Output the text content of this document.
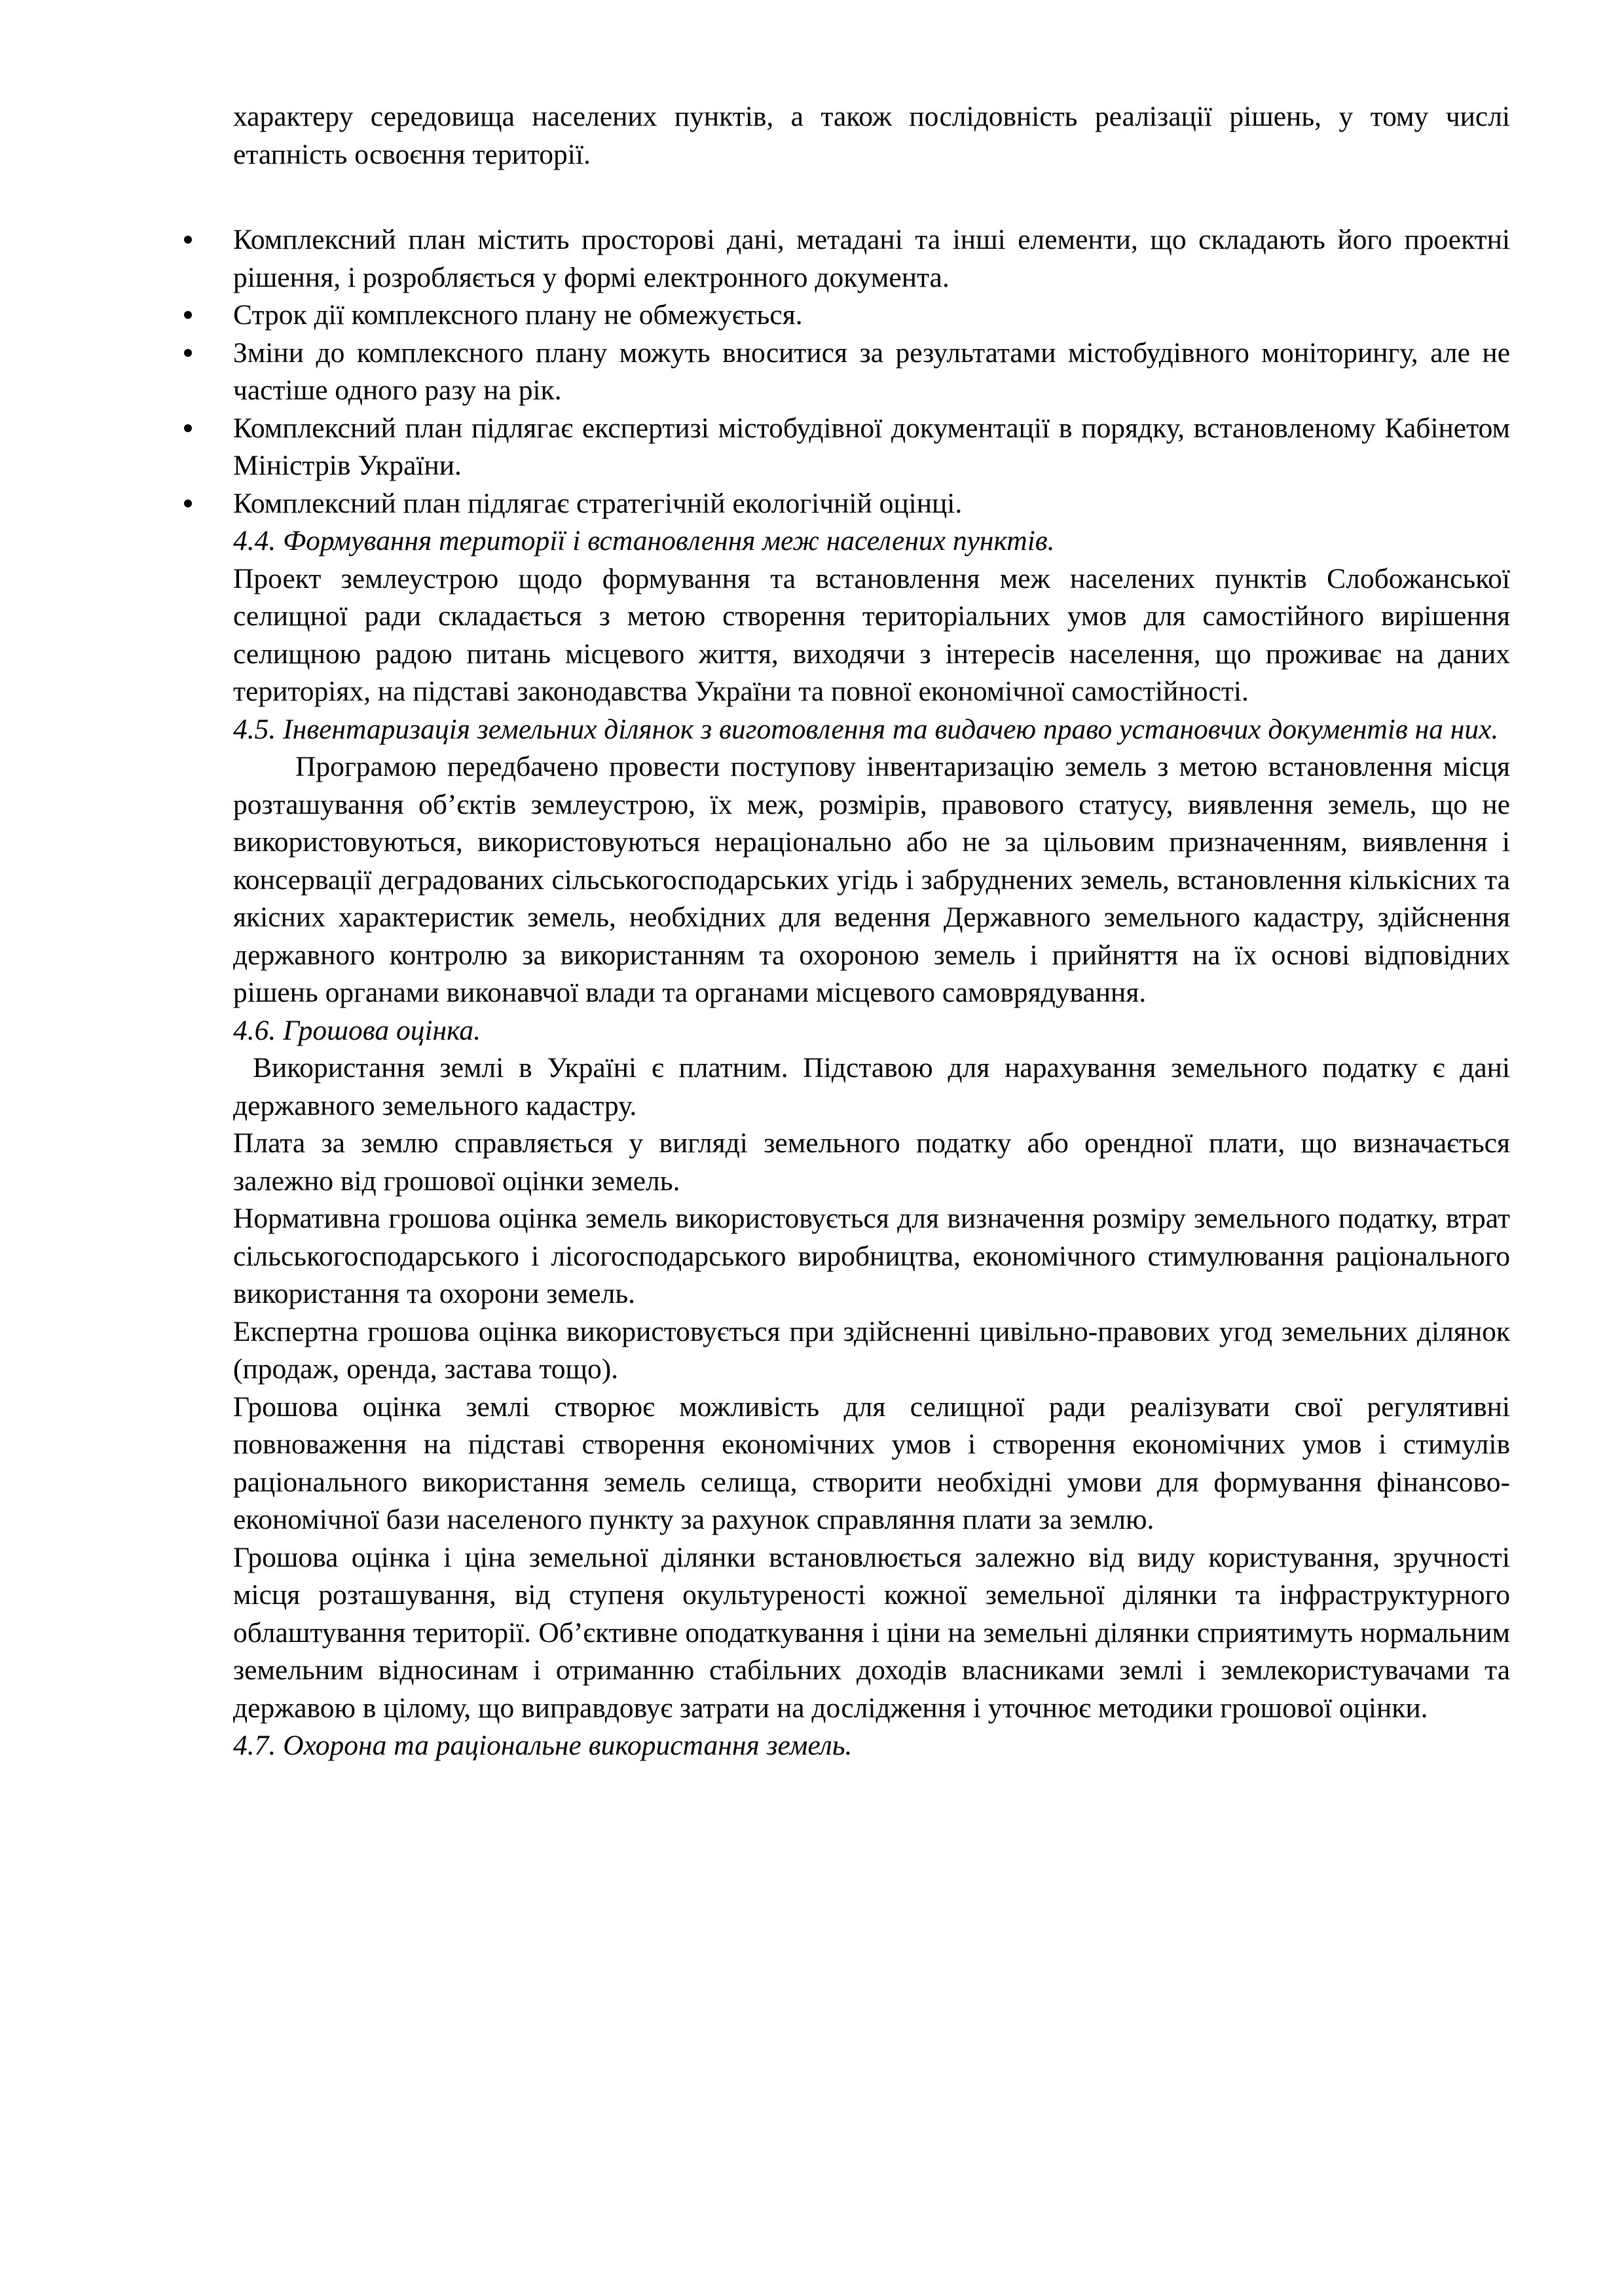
характеру середовища населених пунктів, а також послідовність реалізації рішень, у тому числі етапність освоєння території.

Комплексний план містить просторові дані, метадані та інші елементи, що складають його проектні рішення, і розробляється у формі електронного документа.
Строк дії комплексного плану не обмежується.
Зміни до комплексного плану можуть вноситися за результатами містобудівного моніторингу, але не частіше одного разу на рік.
Комплексний план підлягає експертизі містобудівної документації в порядку, встановленому Кабінетом Міністрів України.
Комплексний план підлягає стратегічній екологічній оцінці.

4.4. Формування території і встановлення меж населених пунктів.

Проект землеустрою щодо формування та встановлення меж населених пунктів Слобожанської селищної ради складається з метою створення територіальних умов для самостійного вирішення селищною радою питань місцевого життя, виходячи з інтересів населення, що проживає на даних територіях, на підставі законодавства України та повної економічної самостійності.

4.5. Інвентаризація земельних ділянок з виготовлення та видачею право установчих документів на них.

Програмою передбачено провести поступову інвентаризацію земель з метою встановлення місця розташування об’єктів землеустрою, їх меж, розмірів, правового статусу, виявлення земель, що не використовуються, використовуються нераціонально або не за цільовим призначенням, виявлення і консервації деградованих сільськогосподарських угідь і забруднених земель, встановлення кількісних та якісних характеристик земель, необхідних для ведення Державного земельного кадастру, здійснення державного контролю за використанням та охороною земель і прийняття на їх основі відповідних рішень органами виконавчої влади та органами місцевого самоврядування.

4.6. Грошова оцінка.

Використання землі в Україні є платним. Підставою для нарахування земельного податку є дані державного земельного кадастру.

Плата за землю справляється у вигляді земельного податку або орендної плати, що визначається залежно від грошової оцінки земель.

Нормативна грошова оцінка земель використовується для визначення розміру земельного податку, втрат сільськогосподарського і лісогосподарського виробництва, економічного стимулювання раціонального використання та охорони земель.

Експертна грошова оцінка використовується при здійсненні цивільно-правових угод земельних ділянок (продаж, оренда, застава тощо).

Грошова оцінка землі створює можливість для селищної ради реалізувати свої регулятивні повноваження на підставі створення економічних умов і створення економічних умов і стимулів раціонального використання земель селища, створити необхідні умови для формування фінансово-економічної бази населеного пункту за рахунок справляння плати за землю.

Грошова оцінка і ціна земельної ділянки встановлюється залежно від виду користування, зручності місця розташування, від ступеня окультуреності кожної земельної ділянки та інфраструктурного облаштування території. Об’єктивне оподаткування і ціни на земельні ділянки сприятимуть нормальним земельним відносинам і отриманню стабільних доходів власниками землі і землекористувачами та державою в цілому, що виправдовує затрати на дослідження і уточнює методики грошової оцінки.

4.7. Охорона та раціональне використання земель.
